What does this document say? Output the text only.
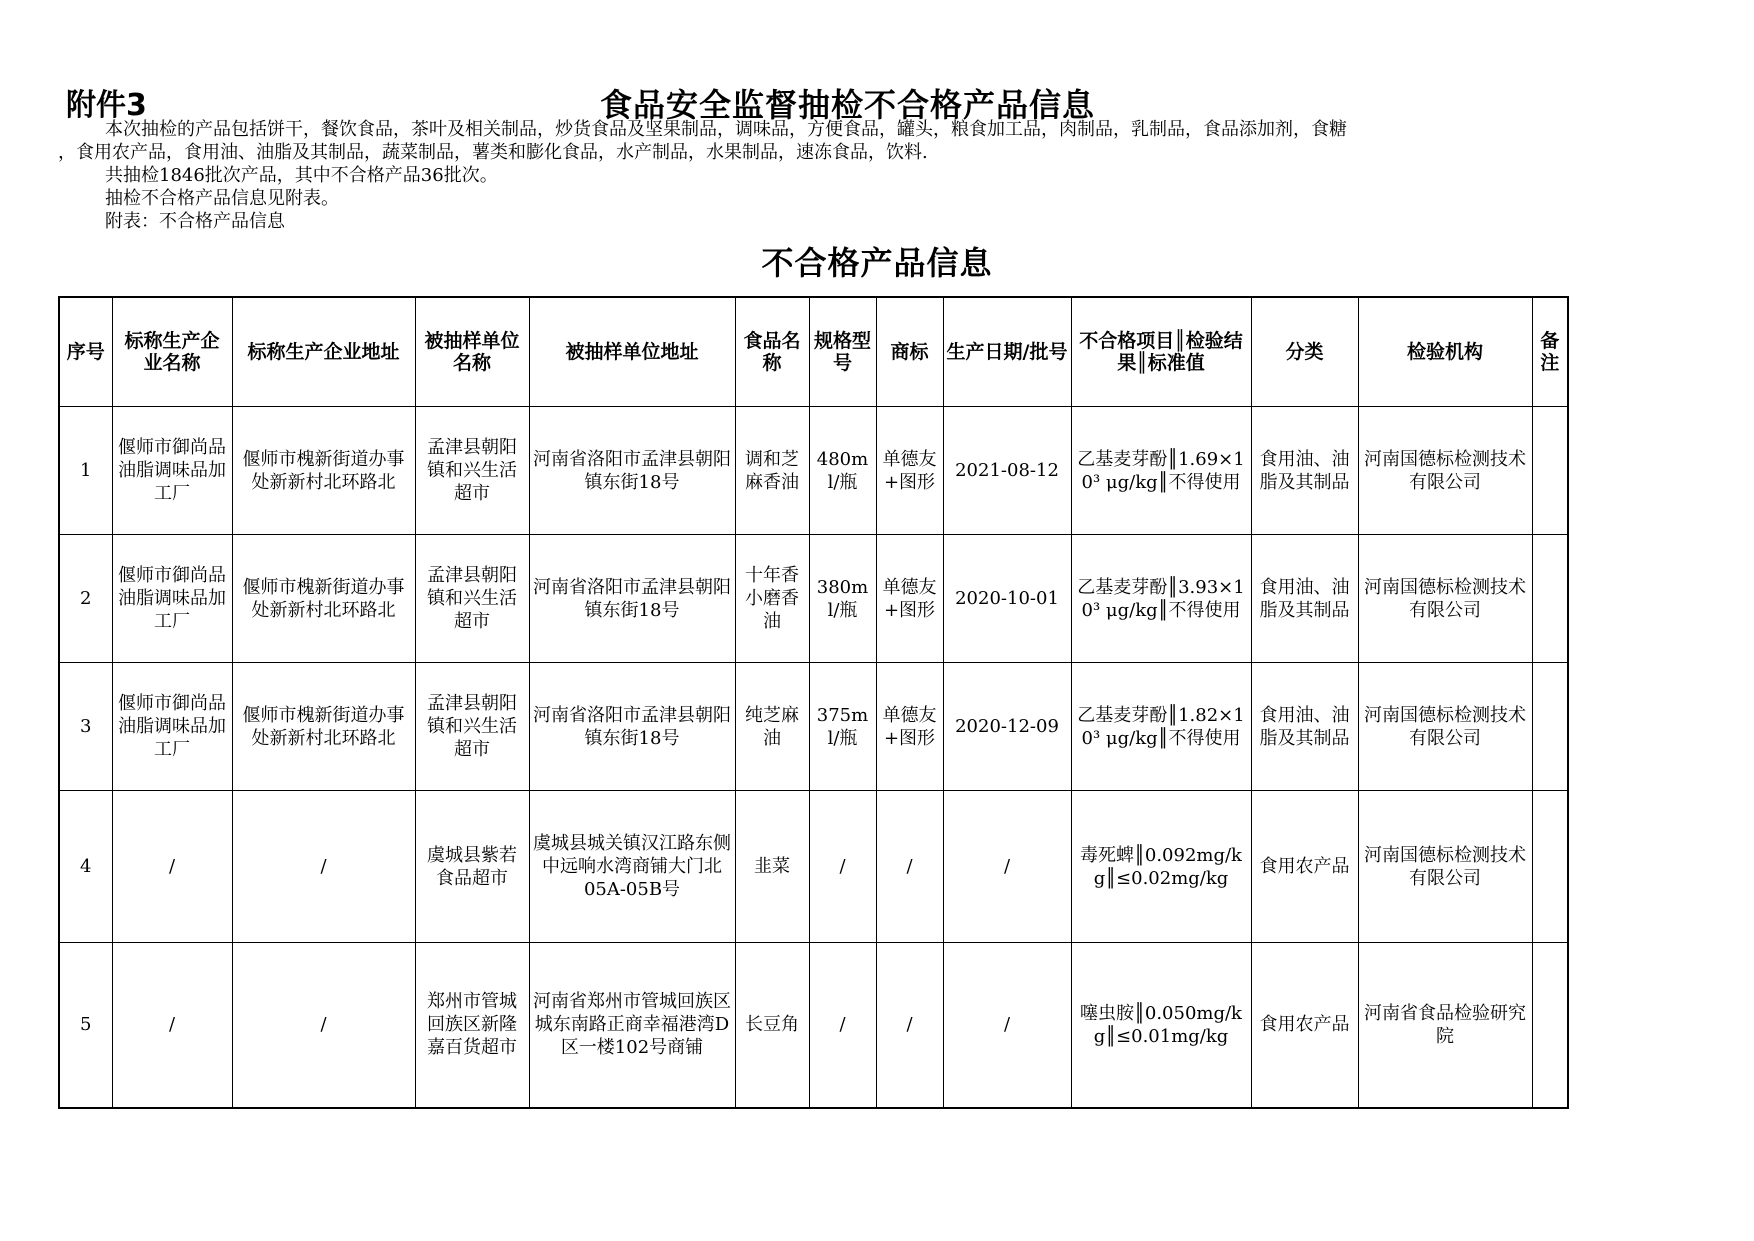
附件3	食品安全监督抽检不合格产品信息

本次抽检的产品包括饼干，餐饮食品，茶叶及相关制品，炒货食品及坚果制品，调味品，方便食品，罐头，粮食加工品，肉制品，乳制品，食品添加剂，食糖

，食用农产品，食用油、油脂及其制品，蔬菜制品，薯类和膨化食品，水产制品，水果制品，速冻食品，饮料.

共抽检1846批次产品，其中不合格产品36批次。

抽检不合格产品信息见附表。

附表：不合格产品信息

不合格产品信息
序号	标称生产企业名称	标称生产企业地址	被抽样单位名称	被抽样单位地址	食品名称	规格型号	商标	生产日期/批号	不合格项目║检验结果║标准值	分类	检验机构	备注
1	偃师市御尚品油脂调味品加工厂	偃师市槐新街道办事处新新村北环路北	孟津县朝阳镇和兴生活超市	河南省洛阳市孟津县朝阳镇东街18号	调和芝麻香油	480ml/瓶	单德友+图形	2021-08-12	乙基麦芽酚║1.69×10³ μg/kg║不得使用	食用油、油脂及其制品	河南国德标检测技术有限公司	
2	偃师市御尚品油脂调味品加工厂	偃师市槐新街道办事处新新村北环路北	孟津县朝阳镇和兴生活超市	河南省洛阳市孟津县朝阳镇东街18号	十年香小磨香油	380ml/瓶	单德友+图形	2020-10-01	乙基麦芽酚║3.93×10³ μg/kg║不得使用	食用油、油脂及其制品	河南国德标检测技术有限公司	
3	偃师市御尚品油脂调味品加工厂	偃师市槐新街道办事处新新村北环路北	孟津县朝阳镇和兴生活超市	河南省洛阳市孟津县朝阳镇东街18号	纯芝麻油	375ml/瓶	单德友+图形	2020-12-09	乙基麦芽酚║1.82×10³ μg/kg║不得使用	食用油、油脂及其制品	河南国德标检测技术有限公司	
4	/	/	虞城县紫若食品超市	虞城县城关镇汉江路东侧中远响水湾商铺大门北05A-05B号	韭菜	/	/	/	毒死蜱║0.092mg/kg║≤0.02mg/kg	食用农产品	河南国德标检测技术有限公司	
5	/	/	郑州市管城回族区新隆嘉百货超市	河南省郑州市管城回族区城东南路正商幸福港湾D区一楼102号商铺	长豆角	/	/	/	噻虫胺║0.050mg/kg║≤0.01mg/kg	食用农产品	河南省食品检验研究院	
